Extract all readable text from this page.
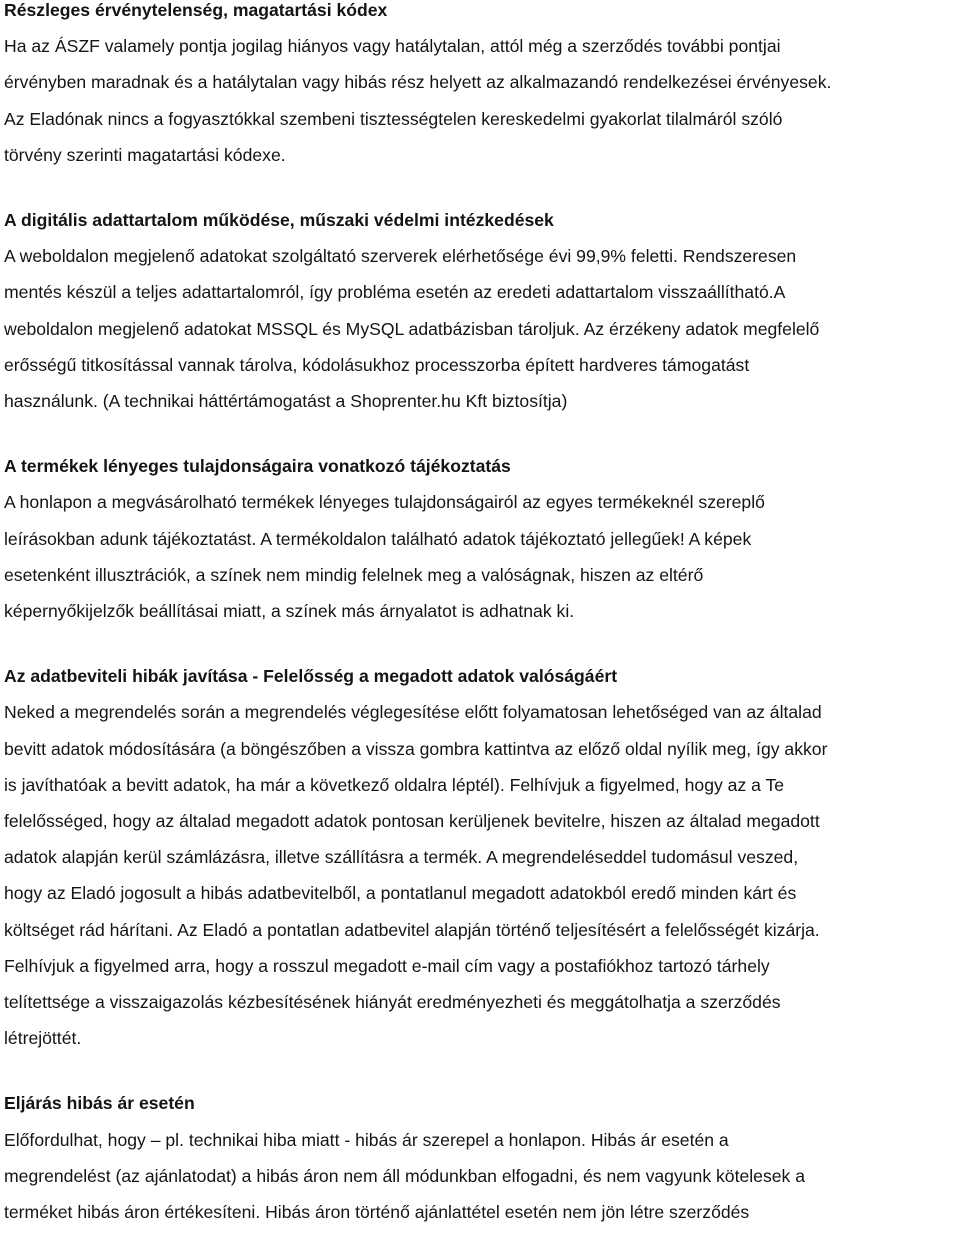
Részleges érvénytelenség, magatartási kódex
Ha az ÁSZF valamely pontja jogilag hiányos vagy hatálytalan, attól még a szerződés további pontjai
érvényben maradnak és a hatálytalan vagy hibás rész helyett az alkalmazandó rendelkezései érvényesek.
Az Eladónak nincs a fogyasztókkal szembeni tisztességtelen kereskedelmi gyakorlat tilalmáról szóló
törvény szerinti magatartási kódexe.
A digitális adattartalom működése, műszaki védelmi intézkedések
A weboldalon megjelenő adatokat szolgáltató szerverek elérhetősége évi 99,9% feletti. Rendszeresen
mentés készül a teljes adattartalomról, így probléma esetén az eredeti adattartalom visszaállítható.A
weboldalon megjelenő adatokat MSSQL és MySQL adatbázisban tároljuk. Az érzékeny adatok megfelelő
erősségű titkosítással vannak tárolva, kódolásukhoz processzorba épített hardveres támogatást
használunk. (A technikai háttértámogatást a Shoprenter.hu Kft biztosítja)
A termékek lényeges tulajdonságaira vonatkozó tájékoztatás
A honlapon a megvásárolható termékek lényeges tulajdonságairól az egyes termékeknél szereplő
leírásokban adunk tájékoztatást. A termékoldalon található adatok tájékoztató jellegűek! A képek
esetenként illusztrációk, a színek nem mindig felelnek meg a valóságnak, hiszen az eltérő
képernyőkijelzők beállításai miatt, a színek más árnyalatot is adhatnak ki.
Az adatbeviteli hibák javítása - Felelősség a megadott adatok valóságáért
Neked a megrendelés során a megrendelés véglegesítése előtt folyamatosan lehetőséged van az általad
bevitt adatok módosítására (a böngészőben a vissza gombra kattintva az előző oldal nyílik meg, így akkor
is javíthatóak a bevitt adatok, ha már a következő oldalra léptél). Felhívjuk a figyelmed, hogy az a Te
felelősséged, hogy az általad megadott adatok pontosan kerüljenek bevitelre, hiszen az általad megadott
adatok alapján kerül számlázásra, illetve szállításra a termék. A megrendeléseddel tudomásul veszed,
hogy az Eladó jogosult a hibás adatbevitelből, a pontatlanul megadott adatokból eredő minden kárt és
költséget rád hárítani. Az Eladó a pontatlan adatbevitel alapján történő teljesítésért a felelősségét kizárja.
Felhívjuk a figyelmed arra, hogy a rosszul megadott e-mail cím vagy a postafiókhoz tartozó tárhely
telítettsége a visszaigazolás kézbesítésének hiányát eredményezheti és meggátolhatja a szerződés
létrejöttét.
Eljárás hibás ár esetén
Előfordulhat, hogy – pl. technikai hiba miatt - hibás ár szerepel a honlapon. Hibás ár esetén a
megrendelést (az ajánlatodat) a hibás áron nem áll módunkban elfogadni, és nem vagyunk kötelesek a
terméket hibás áron értékesíteni. Hibás áron történő ajánlattétel esetén nem jön létre szerződés
